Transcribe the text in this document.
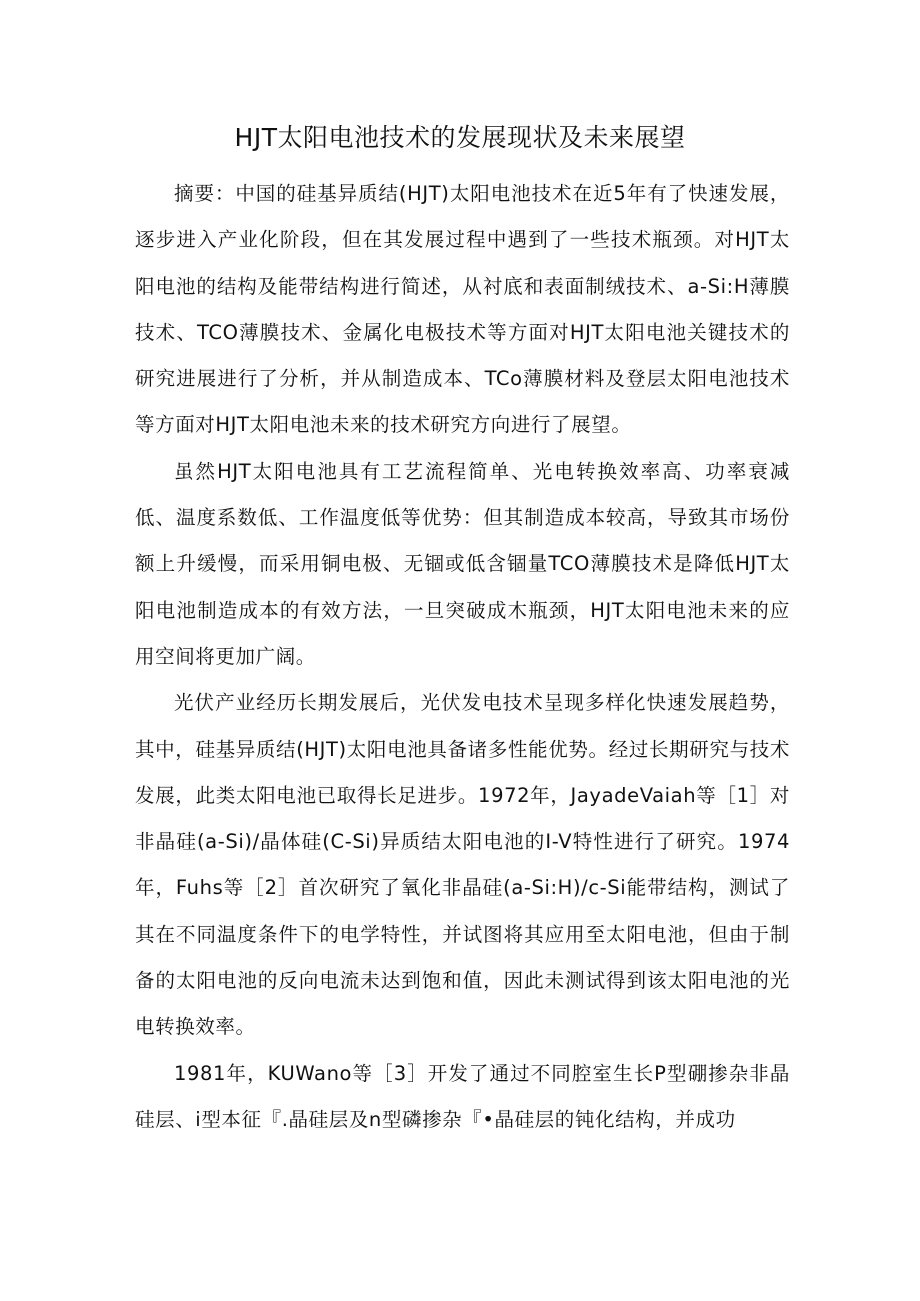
HJT太阳电池技术的发展现状及未来展望

摘要：中国的硅基异质结(HJT)太阳电池技术在近5年有了快速发展，逐步进入产业化阶段，但在其发展过程中遇到了一些技术瓶颈。对HJT太阳电池的结构及能带结构进行简述，从衬底和表面制绒技术、a-Si:H薄膜技术、TCO薄膜技术、金属化电极技术等方面对HJT太阳电池关键技术的研究进展进行了分析，并从制造成本、TCo薄膜材料及登层太阳电池技术等方面对HJT太阳电池未来的技术研究方向进行了展望。

虽然HJT太阳电池具有工艺流程简单、光电转换效率高、功率衰减低、温度系数低、工作温度低等优势：但其制造成本较高，导致其市场份额上升缓慢，而采用铜电极、无锢或低含锢量TCO薄膜技术是降低HJT太阳电池制造成本的有效方法，一旦突破成木瓶颈，HJT太阳电池未来的应用空间将更加广阔。

光伏产业经历长期发展后，光伏发电技术呈现多样化快速发展趋势，其中，硅基异质结(HJT)太阳电池具备诸多性能优势。经过长期研究与技术发展，此类太阳电池已取得长足进步。1972年，JayadeVaiah等［1］对非晶硅(a-Si)/晶体硅(C-Si)异质结太阳电池的I-V特性进行了研究。1974年，Fuhs等［2］首次研究了氧化非晶硅(a-Si:H)/c-Si能带结构，测试了其在不同温度条件下的电学特性，并试图将其应用至太阳电池，但由于制备的太阳电池的反向电流未达到饱和值，因此未测试得到该太阳电池的光电转换效率。

1981年，KUWano等［3］开发了通过不同腔室生长P型硼掺杂非晶硅层、i型本征『.晶硅层及n型磷掺杂『•晶硅层的钝化结构，并成功
